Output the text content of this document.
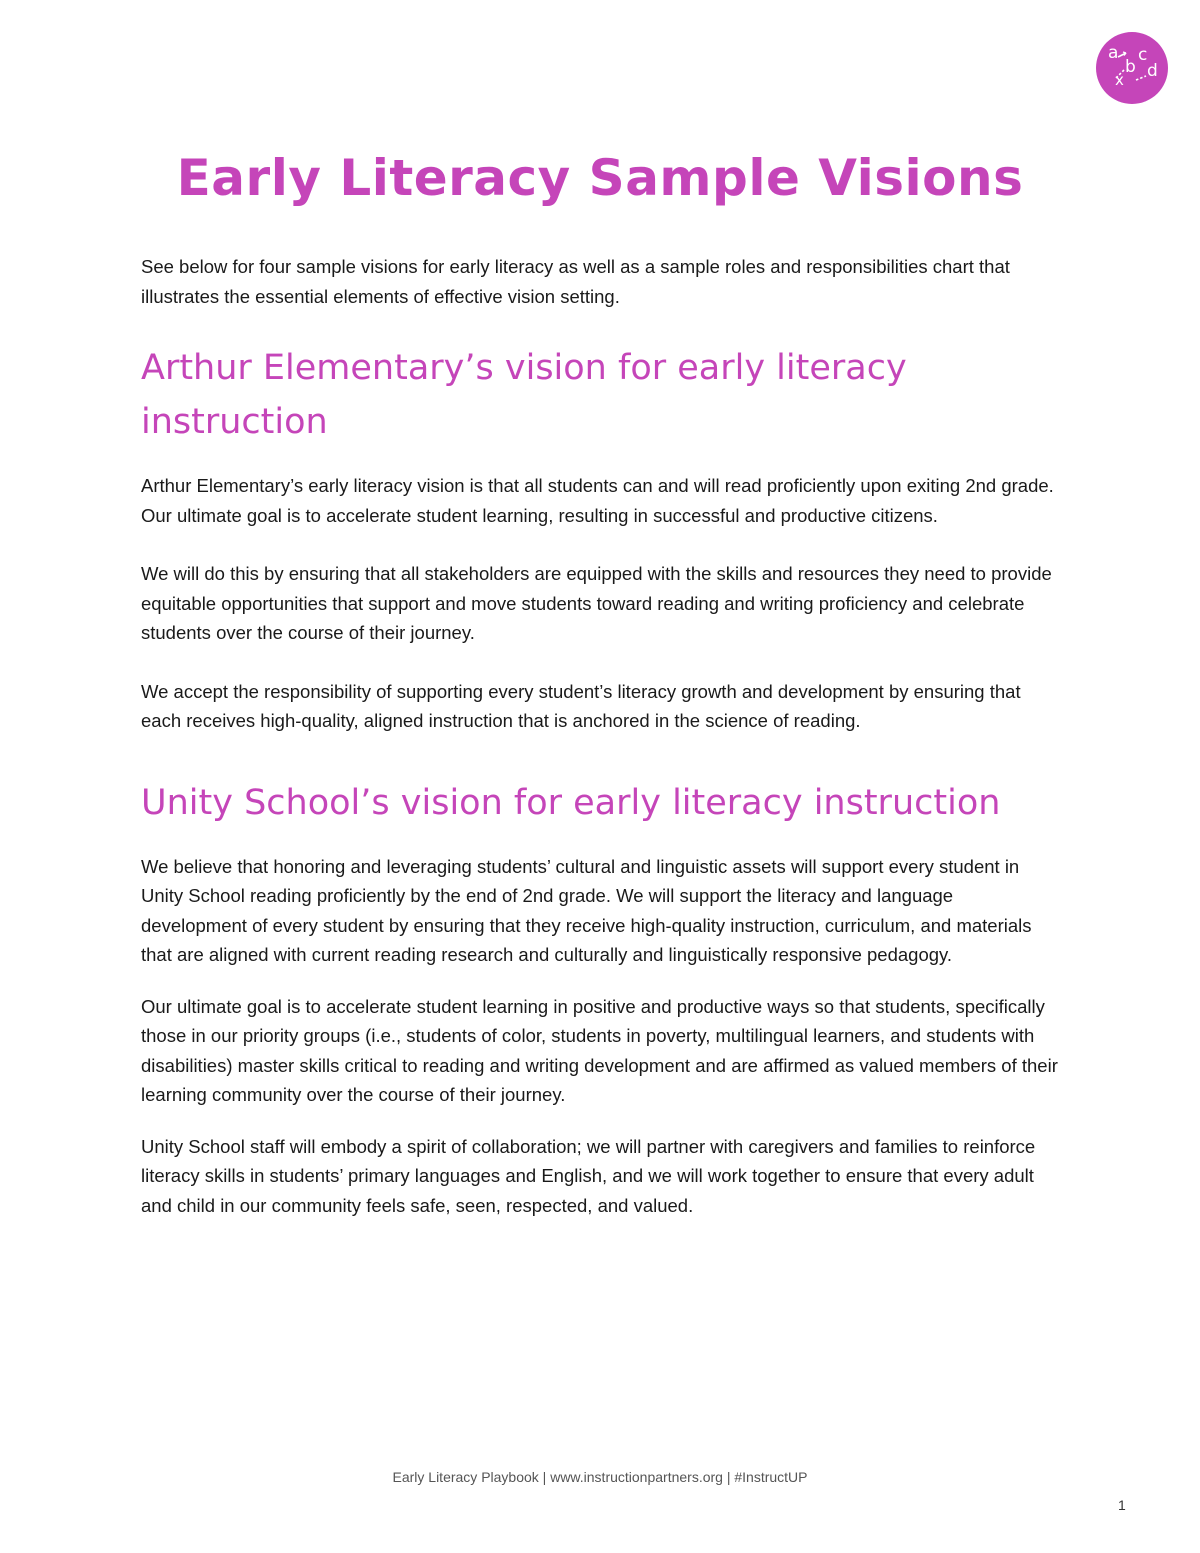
a
b
c
x d
Early Literacy Sample Visions

See below for four sample visions for early literacy as well as a sample roles and responsibilities chart that illustrates the essential elements of effective vision setting.

Arthur Elementary’s vision for early literacy instruction

Arthur Elementary’s early literacy vision is that all students can and will read proficiently upon exiting 2nd grade. Our ultimate goal is to accelerate student learning, resulting in successful and productive citizens.

We will do this by ensuring that all stakeholders are equipped with the skills and resources they need to provide equitable opportunities that support and move students toward reading and writing proficiency and celebrate students over the course of their journey.

We accept the responsibility of supporting every student’s literacy growth and development by ensuring that each receives high-quality, aligned instruction that is anchored in the science of reading.

Unity School’s vision for early literacy instruction

We believe that honoring and leveraging students’ cultural and linguistic assets will support every student in Unity School reading proficiently by the end of 2nd grade. We will support the literacy and language development of every student by ensuring that they receive high-quality instruction, curriculum, and materials that are aligned with current reading research and culturally and linguistically responsive pedagogy.

Our ultimate goal is to accelerate student learning in positive and productive ways so that students, specifically those in our priority groups (i.e., students of color, students in poverty, multilingual learners, and students with disabilities) master skills critical to reading and writing development and are affirmed as valued members of their learning community over the course of their journey.

Unity School staff will embody a spirit of collaboration; we will partner with caregivers and families to reinforce literacy skills in students’ primary languages and English, and we will work together to ensure that every adult and child in our community feels safe, seen, respected, and valued.

Early Literacy Playbook | www.instructionpartners.org | #InstructUP
1
